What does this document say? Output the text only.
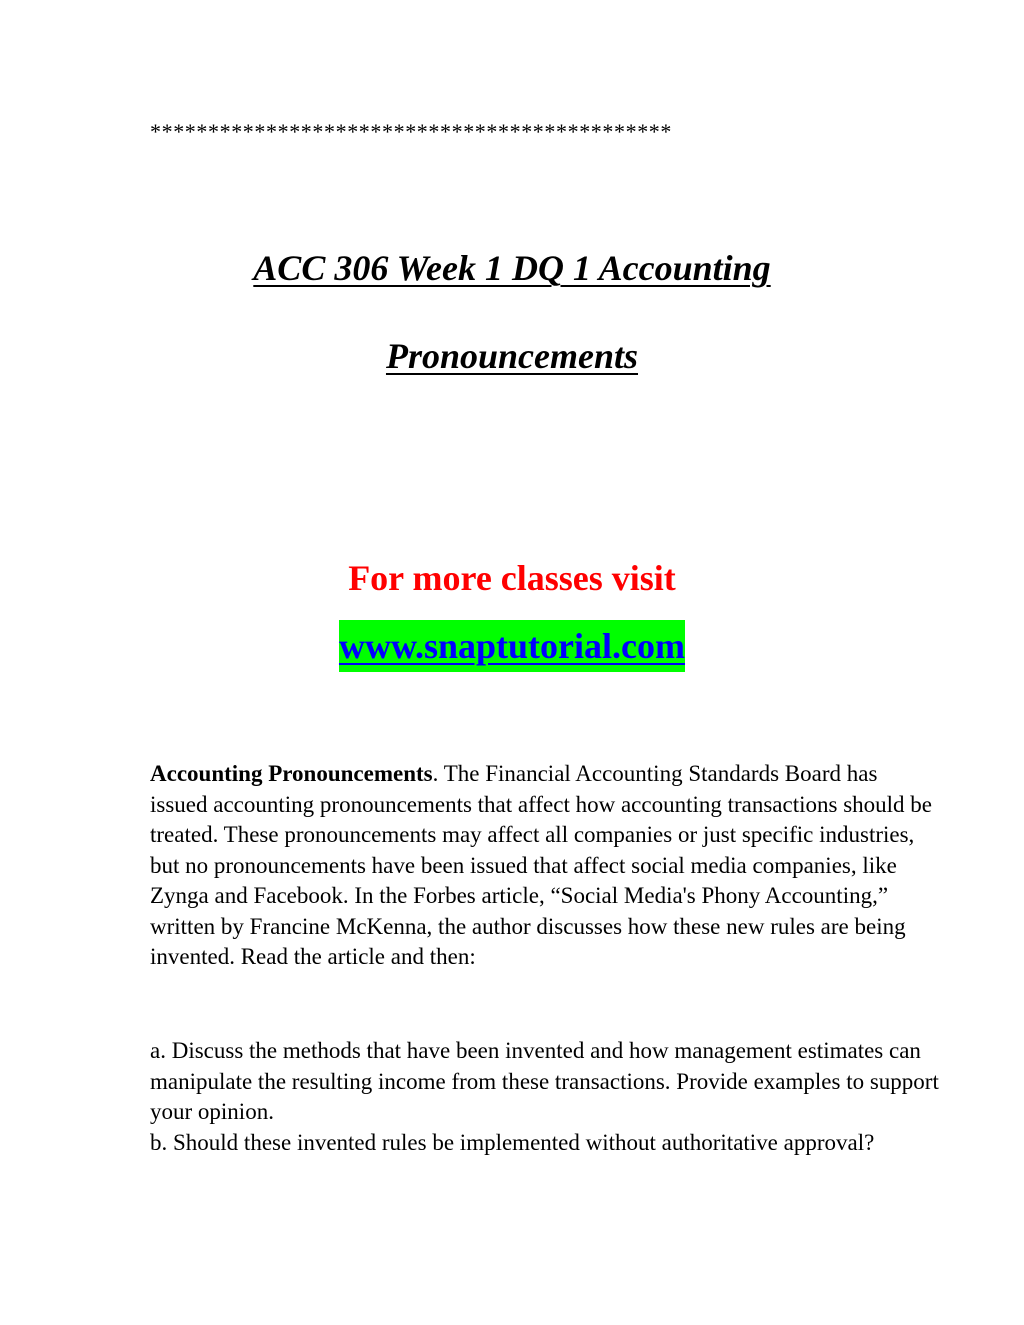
*********************************************
ACC 306 Week 1 DQ 1 Accounting
Pronouncements
For more classes visit
www.snaptutorial.com
Accounting Pronouncements. The Financial Accounting Standards Board has issued accounting pronouncements that affect how accounting transactions should be treated. These pronouncements may affect all companies or just specific industries, but no pronouncements have been issued that affect social media companies, like Zynga and Facebook. In the Forbes article, “Social Media's Phony Accounting,” written by Francine McKenna, the author discusses how these new rules are being invented. Read the article and then:
a. Discuss the methods that have been invented and how management estimates can manipulate the resulting income from these transactions. Provide examples to support your opinion.
b. Should these invented rules be implemented without authoritative approval?
